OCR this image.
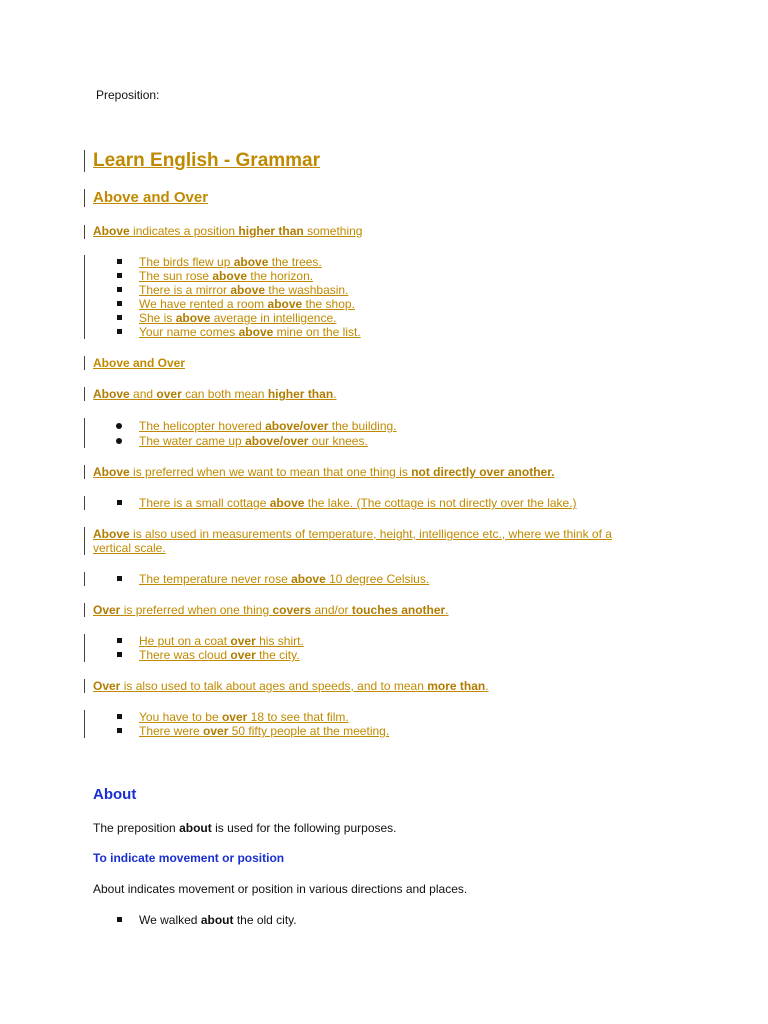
Preposition:
Learn English - Grammar
Above and Over
Above indicates a position higher than something
The birds flew up above the trees.
The sun rose above the horizon.
There is a mirror above the washbasin.
We have rented a room above the shop.
She is above average in intelligence.
Your name comes above mine on the list.
Above and Over
Above and over can both mean higher than.
The helicopter hovered above/over the building.
The water came up above/over our knees.
Above is preferred when we want to mean that one thing is not directly over another.
There is a small cottage above the lake. (The cottage is not directly over the lake.)
Above is also used in measurements of temperature, height, intelligence etc., where we think of a
vertical scale.
The temperature never rose above 10 degree Celsius.
Over is preferred when one thing covers and/or touches another.
He put on a coat over his shirt.
There was cloud over the city.
Over is also used to talk about ages and speeds, and to mean more than.
You have to be over 18 to see that film.
There were over 50 fifty people at the meeting.
About
The preposition about is used for the following purposes.
To indicate movement or position
About indicates movement or position in various directions and places.
We walked about the old city.
